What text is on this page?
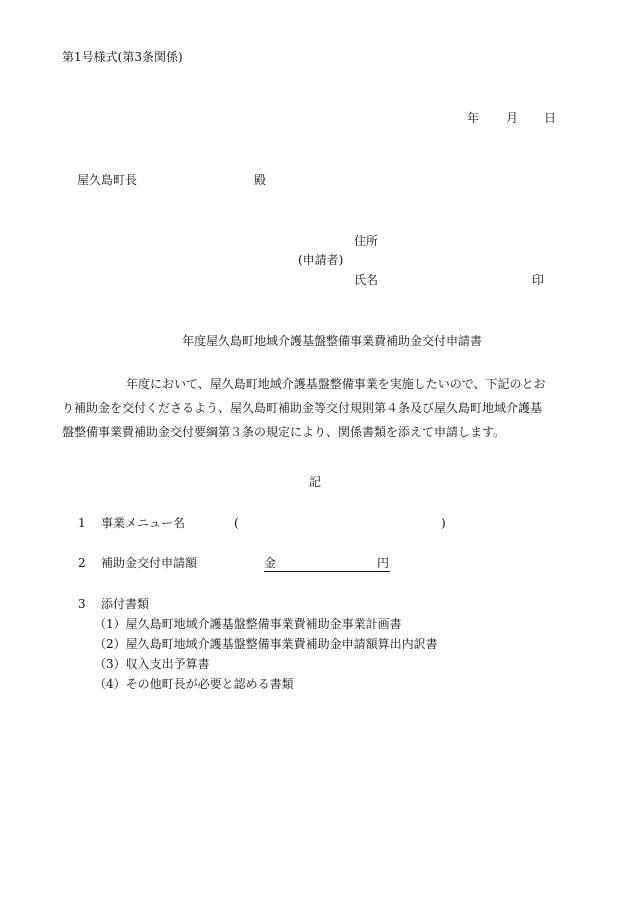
第1号様式(第3条関係)
年 月 日
屋久島町長	殿
住所
(申請者)
氏名	印
年度屋久島町地域介護基盤整備事業費補助金交付申請書

年度において、屋久島町地域介護基盤整備事業を実施したいので、下記のとお

り補助金を交付くださるよう、屋久島町補助金等交付規則第４条及び屋久島町地域介護基

盤整備事業費補助金交付要綱第３条の規定により、関係書類を添えて申請します。

記
1 事業メニュー名	(	)
2 補助金交付申請額	金	円
3 添付書類
（1）屋久島町地域介護基盤整備事業費補助金事業計画書
（2）屋久島町地域介護基盤整備事業費補助金申請額算出内訳書
（3）収入支出予算書
（4）その他町長が必要と認める書類
